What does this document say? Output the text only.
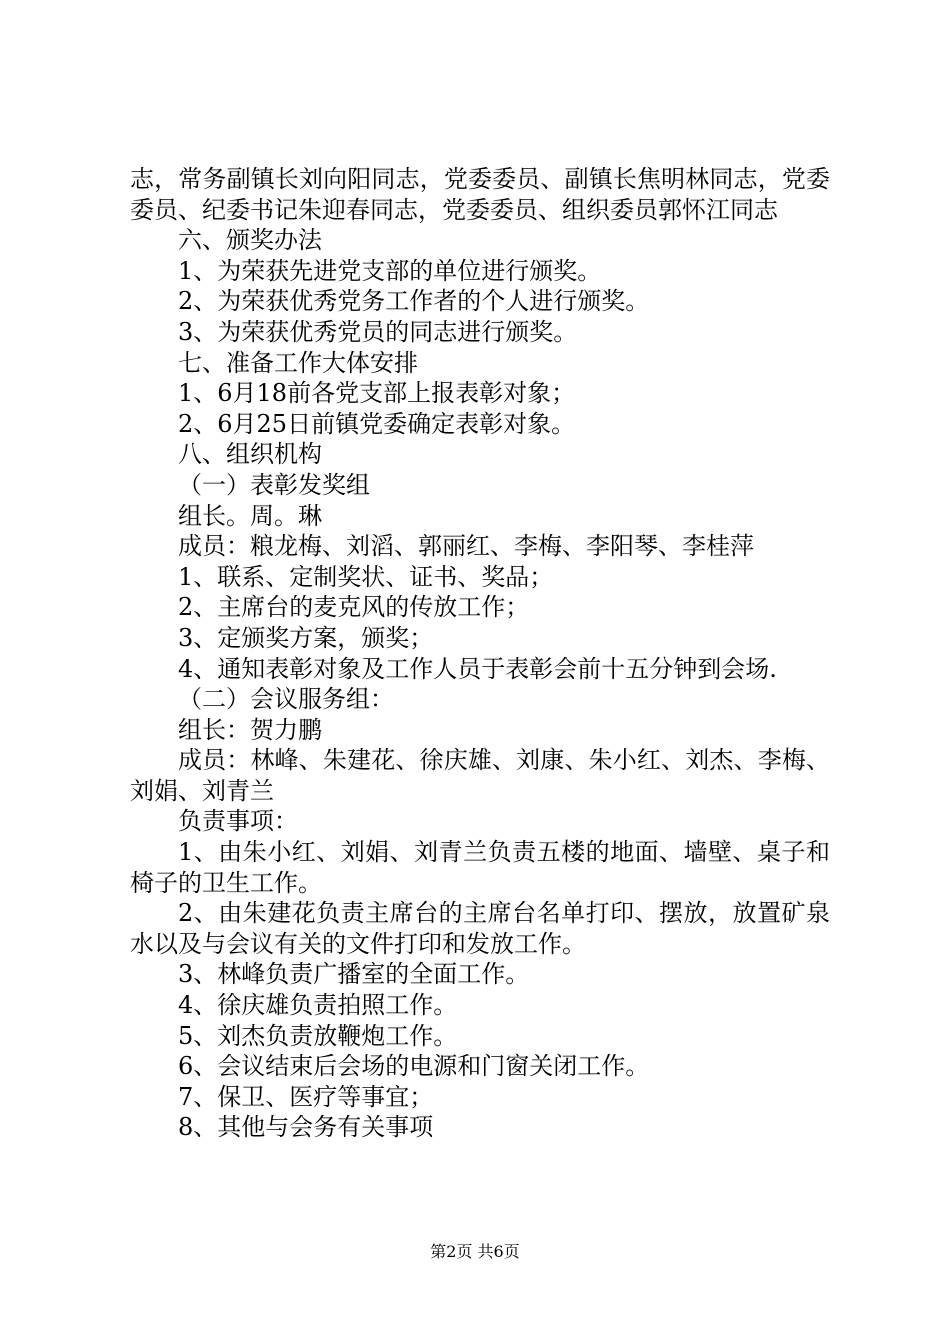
志，常务副镇长刘向阳同志，党委委员、副镇长焦明林同志，党委委员、纪委书记朱迎春同志，党委委员、组织委员郭怀江同志

六、颁奖办法

1、为荣获先进党支部的单位进行颁奖。

2、为荣获优秀党务工作者的个人进行颁奖。

3、为荣获优秀党员的同志进行颁奖。

七、准备工作大体安排

1、6月18前各党支部上报表彰对象；

2、6月25日前镇党委确定表彰对象。

八、组织机构

（一）表彰发奖组

组长。周。琳

成员：粮龙梅、刘滔、郭丽红、李梅、李阳琴、李桂萍

1、联系、定制奖状、证书、奖品；

2、主席台的麦克风的传放工作；

3、定颁奖方案，颁奖；

4、通知表彰对象及工作人员于表彰会前十五分钟到会场.

（二）会议服务组：

组长：贺力鹏

成员：林峰、朱建花、徐庆雄、刘康、朱小红、刘杰、李梅、刘娟、刘青兰

负责事项：

1、由朱小红、刘娟、刘青兰负责五楼的地面、墙壁、桌子和椅子的卫生工作。

2、由朱建花负责主席台的主席台名单打印、摆放，放置矿泉水以及与会议有关的文件打印和发放工作。

3、林峰负责广播室的全面工作。

4、徐庆雄负责拍照工作。

5、刘杰负责放鞭炮工作。

6、会议结束后会场的电源和门窗关闭工作。

7、保卫、医疗等事宜；

8、其他与会务有关事项

第2页 共6页
